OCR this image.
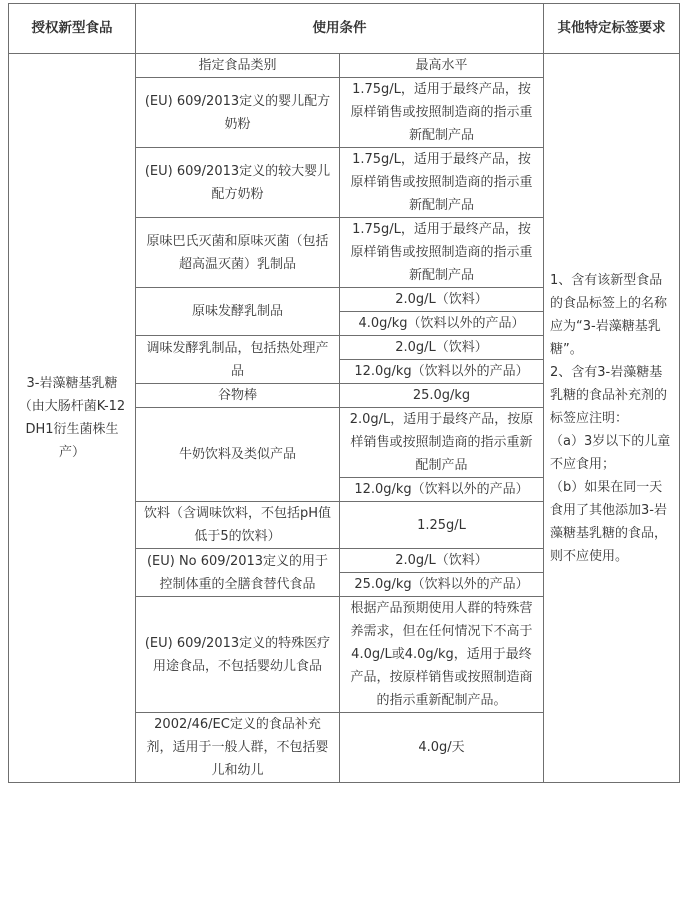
授权新型食品	使用条件		其他特定标签要求
3-岩藻糖基乳糖（由大肠杆菌K-12 DH1衍生菌株生产）	指定食品类别	最高水平	1、含有该新型食品的食品标签上的名称应为“3-岩藻糖基乳糖”。
2、含有3-岩藻糖基乳糖的食品补充剂的标签应注明：
（a）3岁以下的儿童不应食用；
（b）如果在同一天食用了其他添加3-岩藻糖基乳糖的食品，则不应使用。

	(EU) 609/2013定义的婴儿配方奶粉	1.75g/L，适用于最终产品，按原样销售或按照制造商的指示重新配制产品	
	(EU) 609/2013定义的较大婴儿配方奶粉	1.75g/L，适用于最终产品，按原样销售或按照制造商的指示重新配制产品	
	原味巴氏灭菌和原味灭菌（包括超高温灭菌）乳制品	1.75g/L，适用于最终产品，按原样销售或按照制造商的指示重新配制产品	
	原味发酵乳制品	2.0g/L（饮料）	
		4.0g/kg（饮料以外的产品）	
	调味发酵乳制品，包括热处理产品	2.0g/L（饮料）	
		12.0g/kg（饮料以外的产品）	
	谷物棒	25.0g/kg	
	牛奶饮料及类似产品	2.0g/L，适用于最终产品，按原样销售或按照制造商的指示重新配制产品	
		12.0g/kg（饮料以外的产品）	
	饮料（含调味饮料，不包括pH值低于5的饮料）	1.25g/L	
	(EU) No 609/2013定义的用于控制体重的全膳食替代食品	2.0g/L（饮料）	
		25.0g/kg（饮料以外的产品）	
	(EU) 609/2013定义的特殊医疗用途食品，不包括婴幼儿食品	根据产品预期使用人群的特殊营养需求，但在任何情况下不高于4.0g/L或4.0g/kg，适用于最终产品，按原样销售或按照制造商的指示重新配制产品。	
	2002/46/EC定义的食品补充剂，适用于一般人群，不包括婴儿和幼儿	4.0g/天	
